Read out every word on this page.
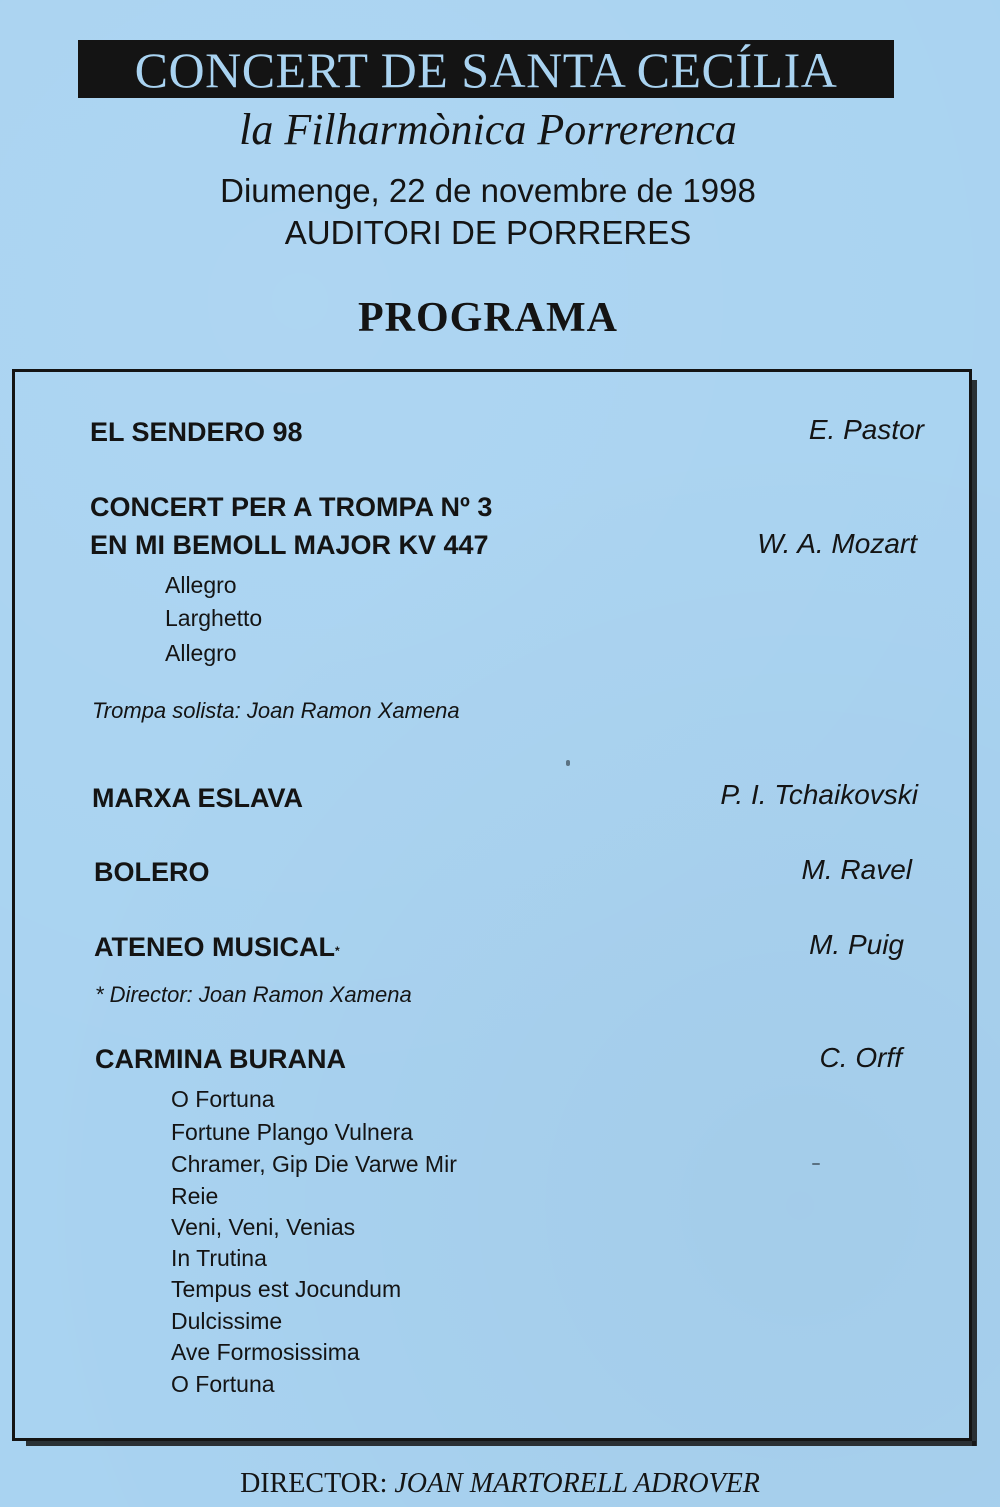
CONCERT DE SANTA CECÍLIA
la Filharmònica Porrerenca
Diumenge, 22 de novembre de 1998
AUDITORI DE PORRERES
PROGRAMA
EL SENDERO 98	E. Pastor
CONCERT PER A TROMPA Nº 3
EN MI BEMOLL MAJOR KV 447	W. A. Mozart
Allegro
Larghetto
Allegro
Trompa solista: Joan Ramon Xamena
MARXA ESLAVA	P. I. Tchaikovski
BOLERO	M. Ravel
ATENEO MUSICAL*	M. Puig
* Director: Joan Ramon Xamena
CARMINA BURANA	C. Orff
O Fortuna
Fortune Plango Vulnera
Chramer, Gip Die Varwe Mir
Reie
Veni, Veni, Venias
In Trutina
Tempus est Jocundum
Dulcissime
Ave Formosissima
O Fortuna
DIRECTOR: JOAN MARTORELL ADROVER
